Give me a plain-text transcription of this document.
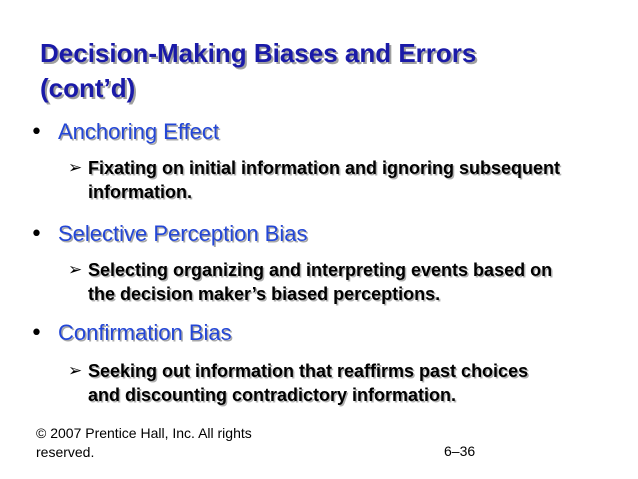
Decision-Making Biases and Errors
(cont’d)
• Anchoring Effect
➢ Fixating on initial information and ignoring subsequent
information.
• Selective Perception Bias
➢ Selecting organizing and interpreting events based on
the decision maker’s biased perceptions.
• Confirmation Bias
➢ Seeking out information that reaffirms past choices
and discounting contradictory information.
© 2007 Prentice Hall, Inc. All rights
reserved.	6–36
